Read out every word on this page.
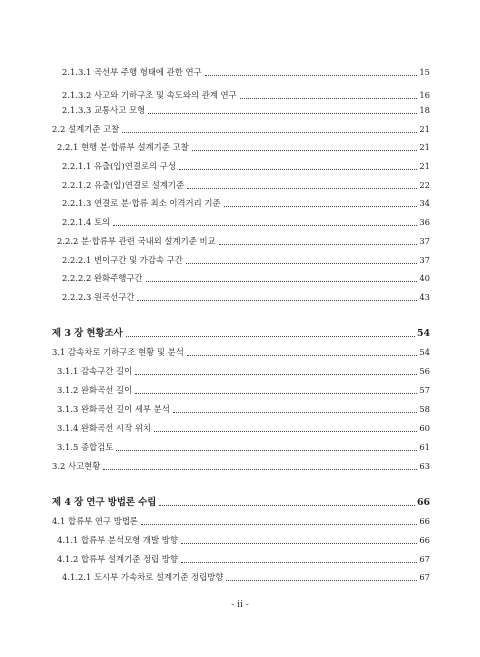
2.1.3.1 곡선부 주행 형태에 관한 연구	15
2.1.3.2 사고와 기하구조 및 속도와의 관계 연구	16
2.1.3.3 교통사고 모형	18
2.2 설계기준 고찰	21
2.2.1 현행 분·합류부 설계기준 고찰	21
2.2.1.1 유출(입)연결로의 구성	21
2.2.1.2 유출(입)연결로 설계기준	22
2.2.1.3 연결로 분·합류 최소 이격거리 기준	34
2.2.1.4 토의	36
2.2.2 분·합류부 관련 국내외 설계기준 비교	37
2.2.2.1 변이구간 및 가감속 구간	37
2.2.2.2 완화주행구간	40
2.2.2.3 원곡선구간	43
제 3 장 현황조사	54
3.1 감속차로 기하구조 현황 및 분석	54
3.1.1 감속구간 길이	56
3.1.2 완화곡선 길이	57
3.1.3 완화곡선 길이 세부 분석	58
3.1.4 완화곡선 시작 위치	60
3.1.5 종합검토	61
3.2 사고현황	63
제 4 장 연구 방법론 수립	66
4.1 합류부 연구 방법론	66
4.1.1 합류부 분석모형 개발 방향	66
4.1.2 합류부 설계기준 정립 방향	67
4.1.2.1 도시부 가속차로 설계기준 정립방향	67
- ii -
